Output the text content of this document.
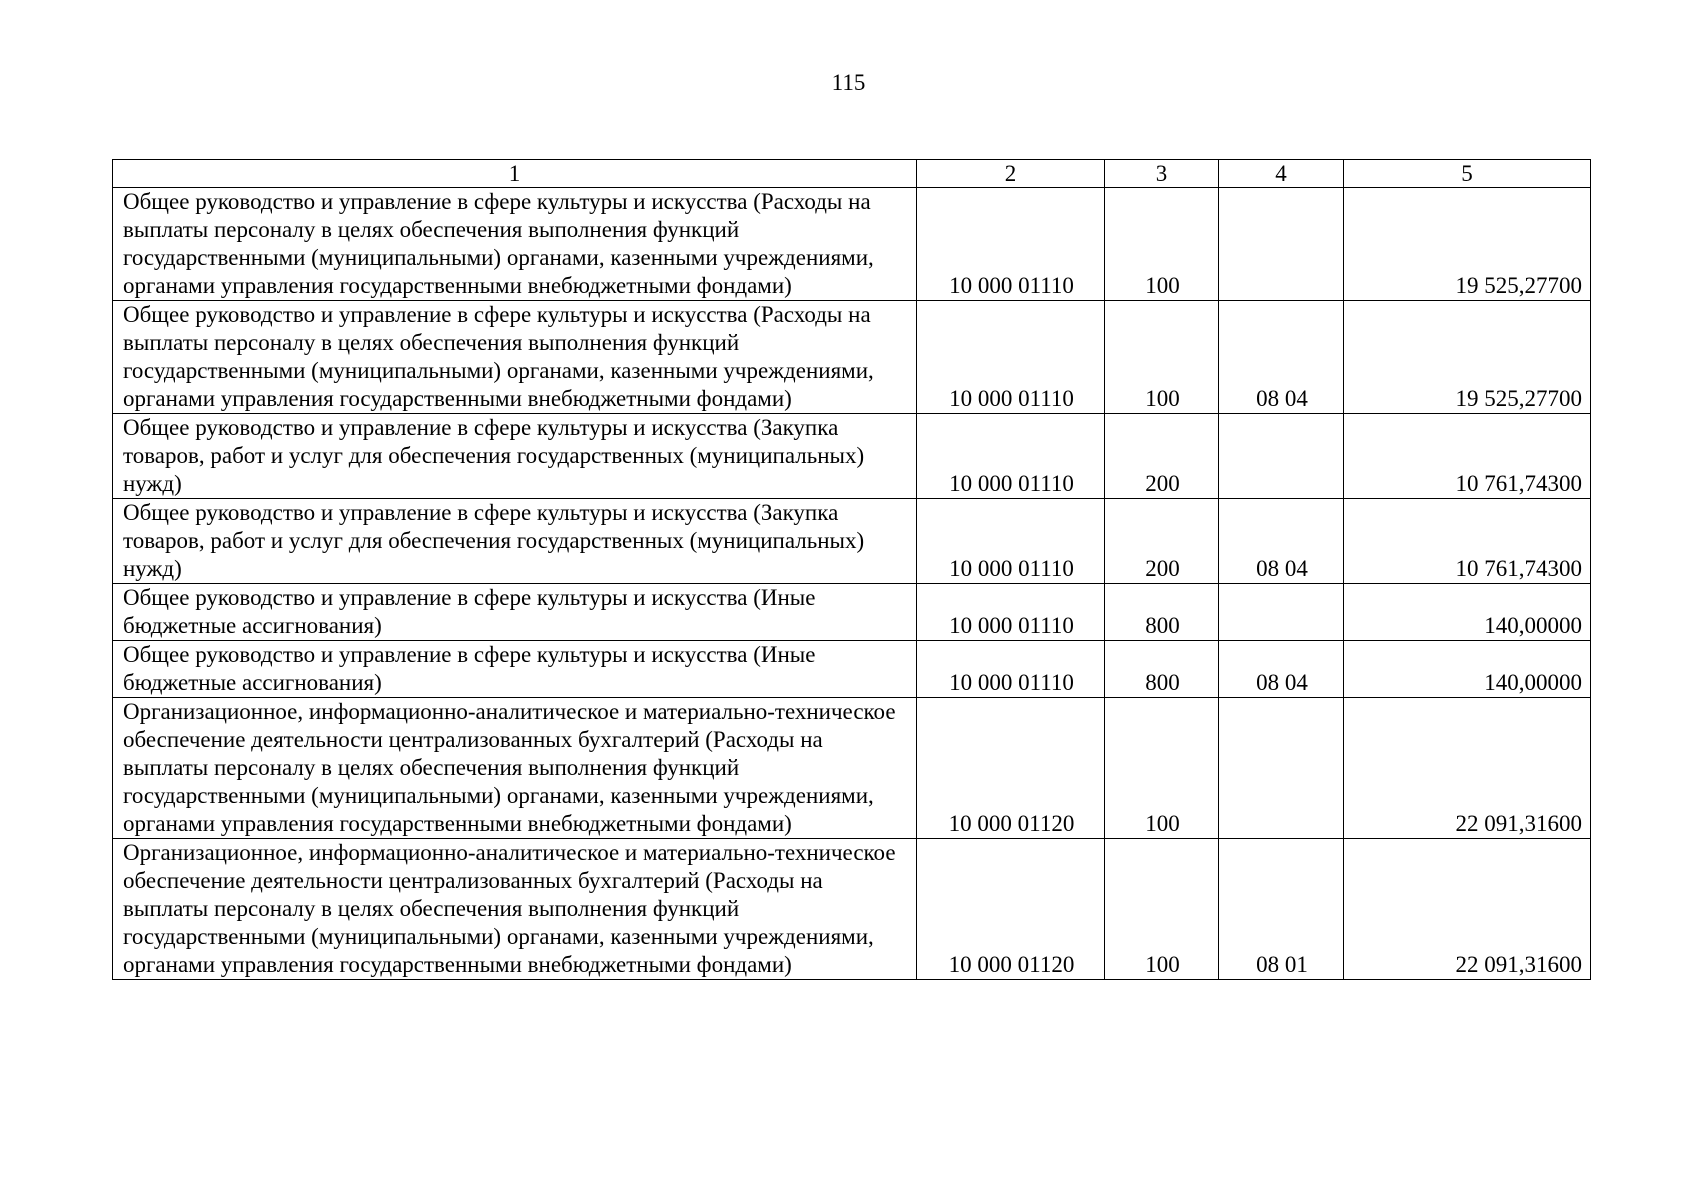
115
1	2	3	4	5
Общее руководство и управление в сфере культуры и искусства (Расходы на выплаты персоналу в целях обеспечения выполнения функций государственными (муниципальными) органами, казенными учреждениями, органами управления государственными внебюджетными фондами)	10 000 01110	100		19 525,27700
Общее руководство и управление в сфере культуры и искусства (Расходы на выплаты персоналу в целях обеспечения выполнения функций государственными (муниципальными) органами, казенными учреждениями, органами управления государственными внебюджетными фондами)	10 000 01110	100	08 04	19 525,27700
Общее руководство и управление в сфере культуры и искусства (Закупка товаров, работ и услуг для обеспечения государственных (муниципальных) нужд)	10 000 01110	200		10 761,74300
Общее руководство и управление в сфере культуры и искусства (Закупка товаров, работ и услуг для обеспечения государственных (муниципальных) нужд)	10 000 01110	200	08 04	10 761,74300
Общее руководство и управление в сфере культуры и искусства (Иные бюджетные ассигнования)	10 000 01110	800		140,00000
Общее руководство и управление в сфере культуры и искусства (Иные бюджетные ассигнования)	10 000 01110	800	08 04	140,00000
Организационное, информационно-аналитическое и материально-техническое обеспечение деятельности централизованных бухгалтерий (Расходы на выплаты персоналу в целях обеспечения выполнения функций государственными (муниципальными) органами, казенными учреждениями, органами управления государственными внебюджетными фондами)	10 000 01120	100		22 091,31600
Организационное, информационно-аналитическое и материально-техническое обеспечение деятельности централизованных бухгалтерий (Расходы на выплаты персоналу в целях обеспечения выполнения функций государственными (муниципальными) органами, казенными учреждениями, органами управления государственными внебюджетными фондами)	10 000 01120	100	08 01	22 091,31600
